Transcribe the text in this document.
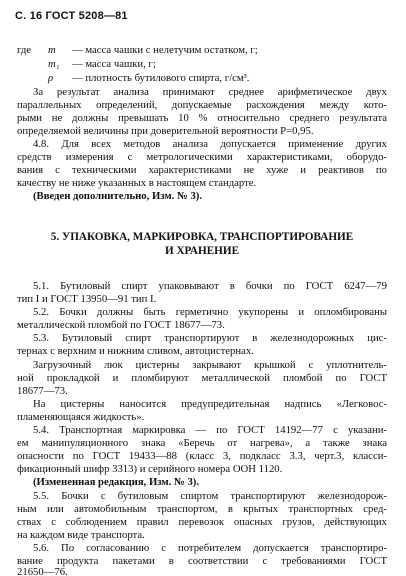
С. 16 ГОСТ 5208—81
где m — масса чашки с нелетучим остатком, г;
m₁ — масса чашки, г;
ρ — плотность бутилового спирта, г/см³.
За результат анализа принимают среднее арифметическое двух
параллельных определений, допускаемые расхождения между кото-
рыми не должны превышать 10 % относительно среднего результата
определяемой величины при доверительной вероятности P=0,95.
4.8. Для всех методов анализа допускается применение других
средств измерения с метрологическими характеристиками, оборудо-
вания с техническими характеристиками не хуже и реактивов по
качеству не ниже указанных в настоящем стандарте.
(Введен дополнительно, Изм. № 3).
5. УПАКОВКА, МАРКИРОВКА, ТРАНСПОРТИРОВАНИЕ
И ХРАНЕНИЕ
5.1. Бутиловый спирт упаковывают в бочки по ГОСТ 6247—79
тип I и ГОСТ 13950—91 тип I.
5.2. Бочки должны быть герметично укупорены и опломбированы
металлической пломбой по ГОСТ 18677—73.
5.3. Бутиловый спирт транспортируют в железнодорожных цис-
тернах с верхним и нижним сливом, автоцистернах.
Загрузочный люк цистерны закрывают крышкой с уплотнитель-
ной прокладкой и пломбируют металлической пломбой по ГОСТ
18677—73.
На цистерны наносится предупредительная надпись «Легковос-
пламеняющаяся жидкость».
5.4. Транспортная маркировка — по ГОСТ 14192—77 с указани-
ем манипуляционного знака «Беречь от нагрева», а также знака
опасности по ГОСТ 19433—88 (класс 3, подкласс 3.3, черт.3, класси-
фикационный шифр 3313) и серийного номера ООН 1120.
(Измененная редакция, Изм. № 3).
5.5. Бочки с бутиловым спиртом транспортируют железнодорож-
ным или автомобильным транспортом, в крытых транспортных сред-
ствах с соблюдением правил перевозок опасных грузов, действующих
на каждом виде транспорта.
5.6. По согласованию с потребителем допускается транспортиро-
вание продукта пакетами в соответствии с требованиями ГОСТ
21650—76.
